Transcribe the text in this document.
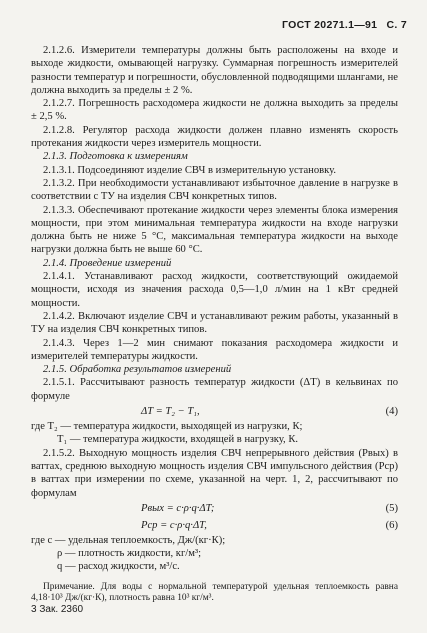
ГОСТ 20271.1—91 С. 7

2.1.2.6. Измерители температуры должны быть расположены на входе и выходе жидкости, омывающей нагрузку. Суммарная погрешность измерителей разности температур и погрешности, обусловленной подводящими шлангами, не должна выходить за пределы ± 2 %.

2.1.2.7. Погрешность расходомера жидкости не должна выходить за пределы ± 2,5 %.

2.1.2.8. Регулятор расхода жидкости должен плавно изменять скорость протекания жидкости через измеритель мощности.

2.1.3. Подготовка к измерениям

2.1.3.1. Подсоединяют изделие СВЧ в измерительную установку.

2.1.3.2. При необходимости устанавливают избыточное давление в нагрузке в соответствии с ТУ на изделия СВЧ конкретных типов.

2.1.3.3. Обеспечивают протекание жидкости через элементы блока измерения мощности, при этом минимальная температура жидкости на входе нагрузки должна быть не ниже 5 °С, максимальная температура жидкости на выходе нагрузки должна быть не выше 60 °С.

2.1.4. Проведение измерений

2.1.4.1. Устанавливают расход жидкости, соответствующий ожидаемой мощности, исходя из значения расхода 0,5—1,0 л/мин на 1 кВт средней мощности.

2.1.4.2. Включают изделие СВЧ и устанавливают режим работы, указанный в ТУ на изделия СВЧ конкретных типов.

2.1.4.3. Через 1—2 мин снимают показания расходомера жидкости и измерителей температуры жидкости.

2.1.5. Обработка результатов измерений

2.1.5.1. Рассчитывают разность температур жидкости (ΔT) в кельвинах по формуле

ΔT = T₂ − T₁,	(4)

где T₂ — температура жидкости, выходящей из нагрузки, К;

T₁ — температура жидкости, входящей в нагрузку, К.

2.1.5.2. Выходную мощность изделия СВЧ непрерывного действия (Pвых) в ваттах, среднюю выходную мощность изделия СВЧ импульсного действия (Pср) в ваттах при измерении по схеме, указанной на черт. 1, 2, рассчитывают по формулам

Pвых = c·ρ·q·ΔT;	(5)
Pср = c·ρ·q·ΔT,	(6)

где c — удельная теплоемкость, Дж/(кг·К);

ρ — плотность жидкости, кг/м³;

q — расход жидкости, м³/с.

Примечание. Для воды с нормальной температурой удельная теплоемкость равна 4,18·10³ Дж/(кг·К), плотность равна 10³ кг/м³.

3 Зак. 2360
